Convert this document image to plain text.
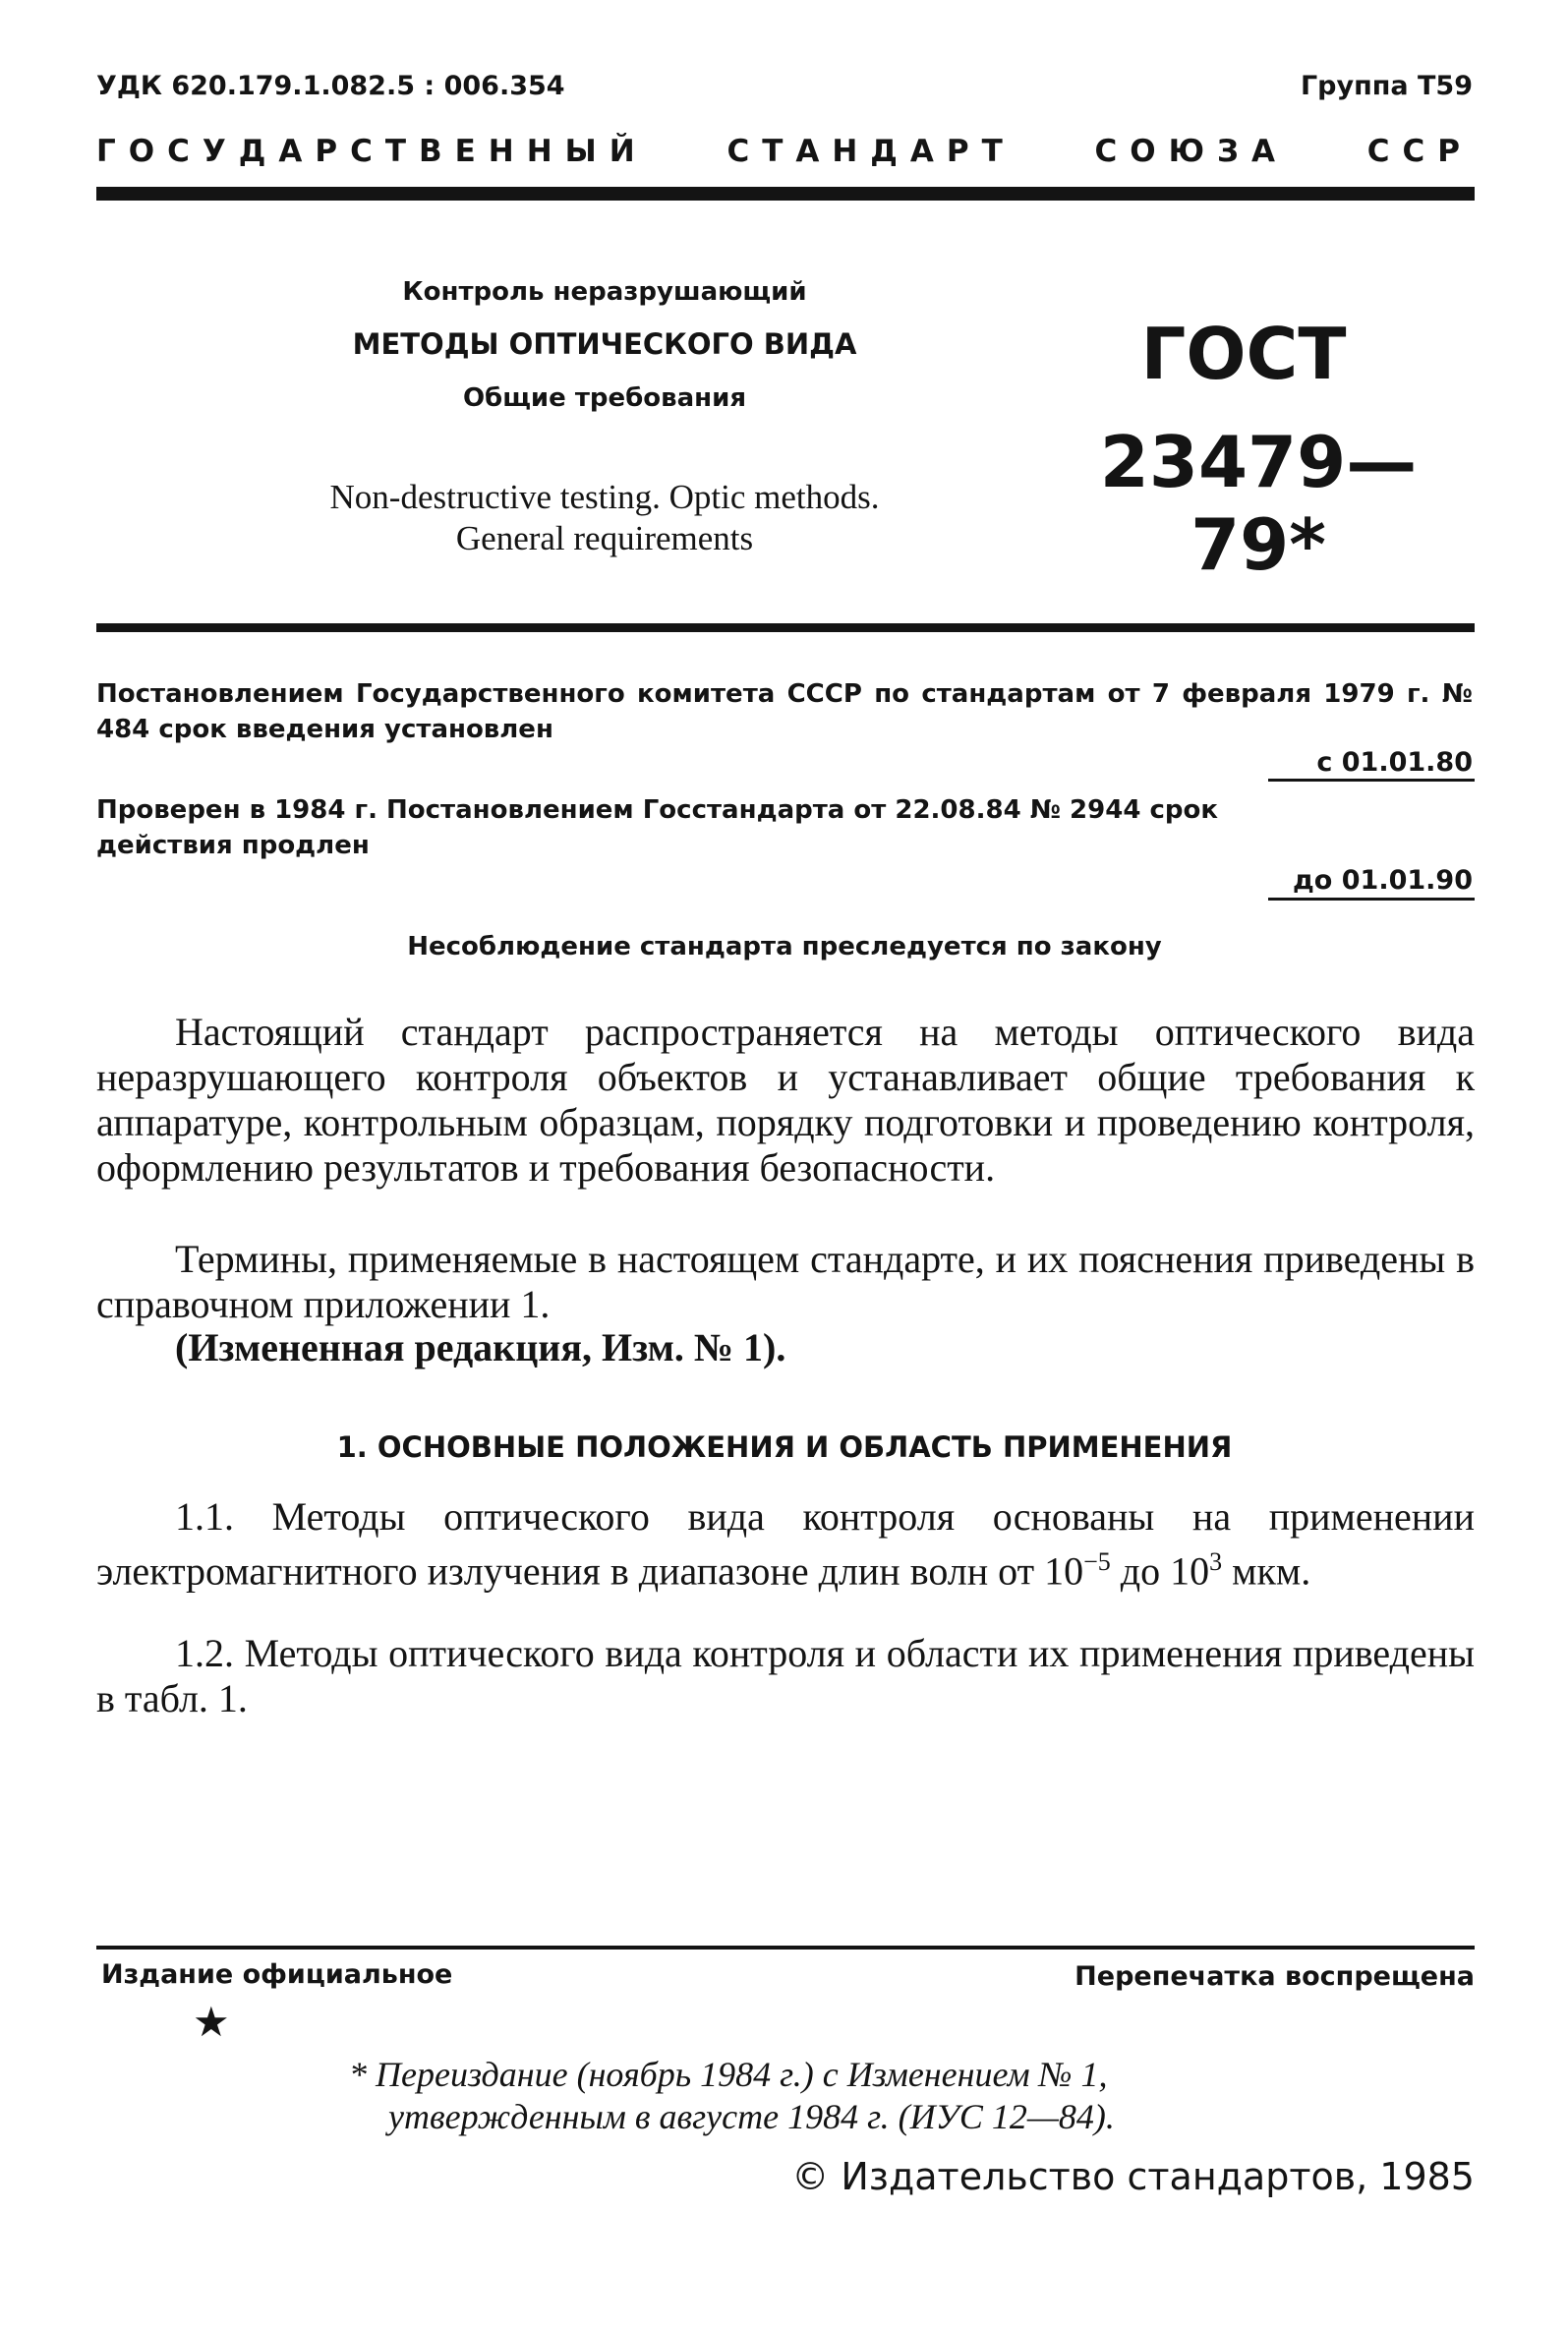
УДК 620.179.1.082.5 : 006.354	Группа Т59
ГОСУДАРСТВЕННЫЙ	СТАНДАРТ	СОЮЗА	ССР
Контроль неразрушающий
МЕТОДЫ ОПТИЧЕСКОГО ВИДА
Общие требования
Non-destructive testing. Optic methods.
General requirements
ГОСТ
23479—79*
Постановлением Государственного комитета СССР по стандартам от 7 февраля 1979 г. № 484 срок введения установлен
с 01.01.80
Проверен в 1984 г. Постановлением Госстандарта от 22.08.84 № 2944 срок действия продлен
до 01.01.90
Несоблюдение стандарта преследуется по закону
Настоящий стандарт распространяется на методы оптического вида неразрушающего контроля объектов и устанавливает общие требования к аппаратуре, контрольным образцам, порядку подготовки и проведению контроля, оформлению результатов и требования безопасности.
Термины, применяемые в настоящем стандарте, и их пояснения приведены в справочном приложении 1.
(Измененная редакция, Изм. № 1).
1. ОСНОВНЫЕ ПОЛОЖЕНИЯ И ОБЛАСТЬ ПРИМЕНЕНИЯ
1.1. Методы оптического вида контроля основаны на применении электромагнитного излучения в диапазоне длин волн от $10^{-5}$ до $10^3$ мкм.
1.2. Методы оптического вида контроля и области их применения приведены в табл. 1.
Издание официальное	Перепечатка воспрещена
★
* Переиздание (ноябрь 1984 г.) с Изменением № 1,
утвержденным в августе 1984 г. (ИУС 12—84).
© Издательство стандартов, 1985
